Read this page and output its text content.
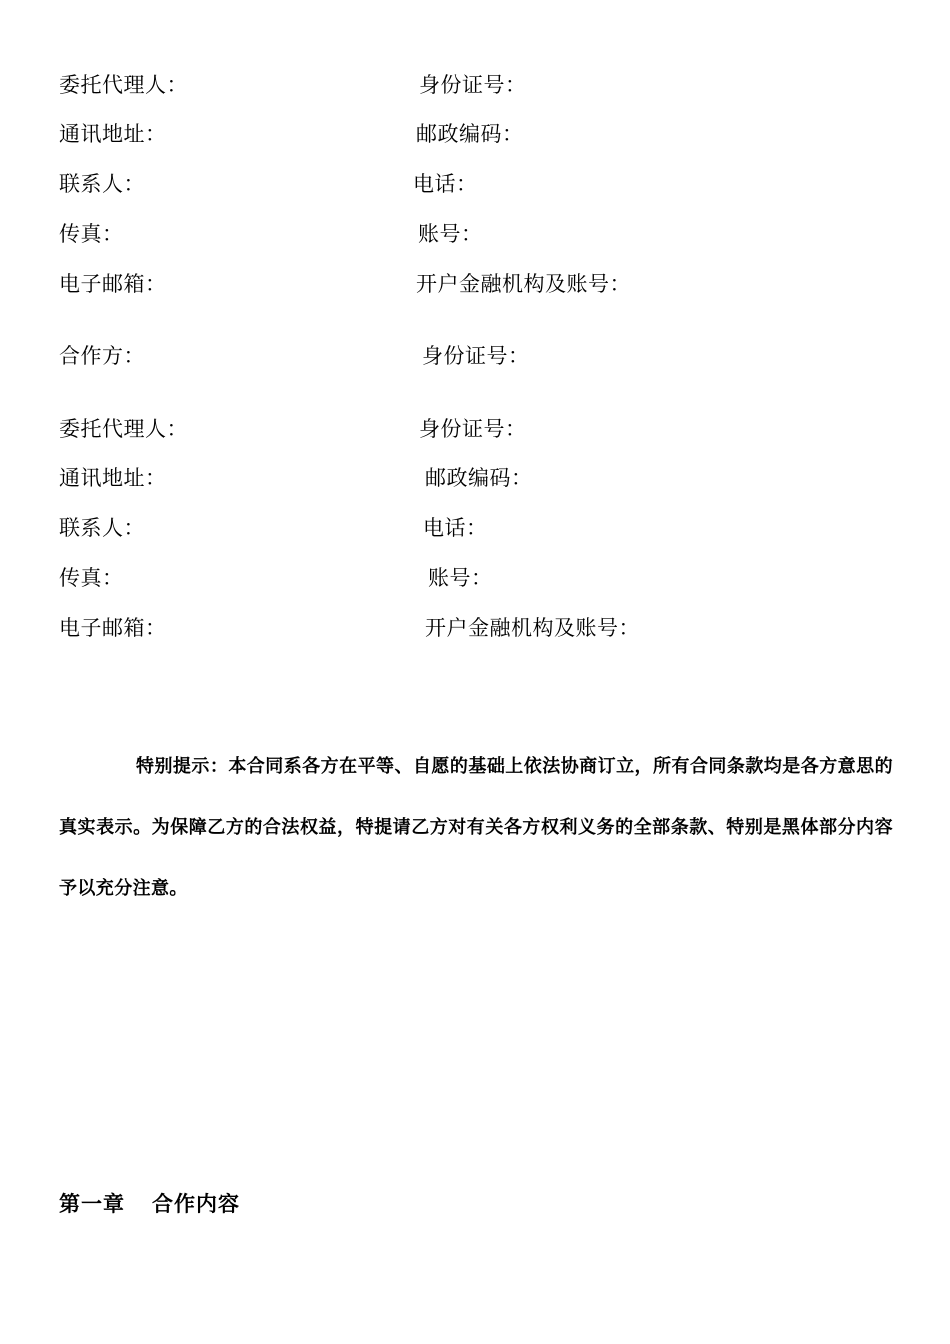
委托代理人：	身份证号：
通讯地址：	邮政编码：
联系人：	电话：
传真：	账号：
电子邮箱：	开户金融机构及账号：
合作方：	身份证号：
委托代理人：	身份证号：
通讯地址：	邮政编码：
联系人：	电话：
传真：	账号：
电子邮箱：	开户金融机构及账号：

特别提示：本合同系各方在平等、自愿的基础上依法协商订立，所有合同条款均是各方意思的真实表示。为保障乙方的合法权益，特提请乙方对有关各方权利义务的全部条款、特别是黑体部分内容予以充分注意。

第一章 合作内容
